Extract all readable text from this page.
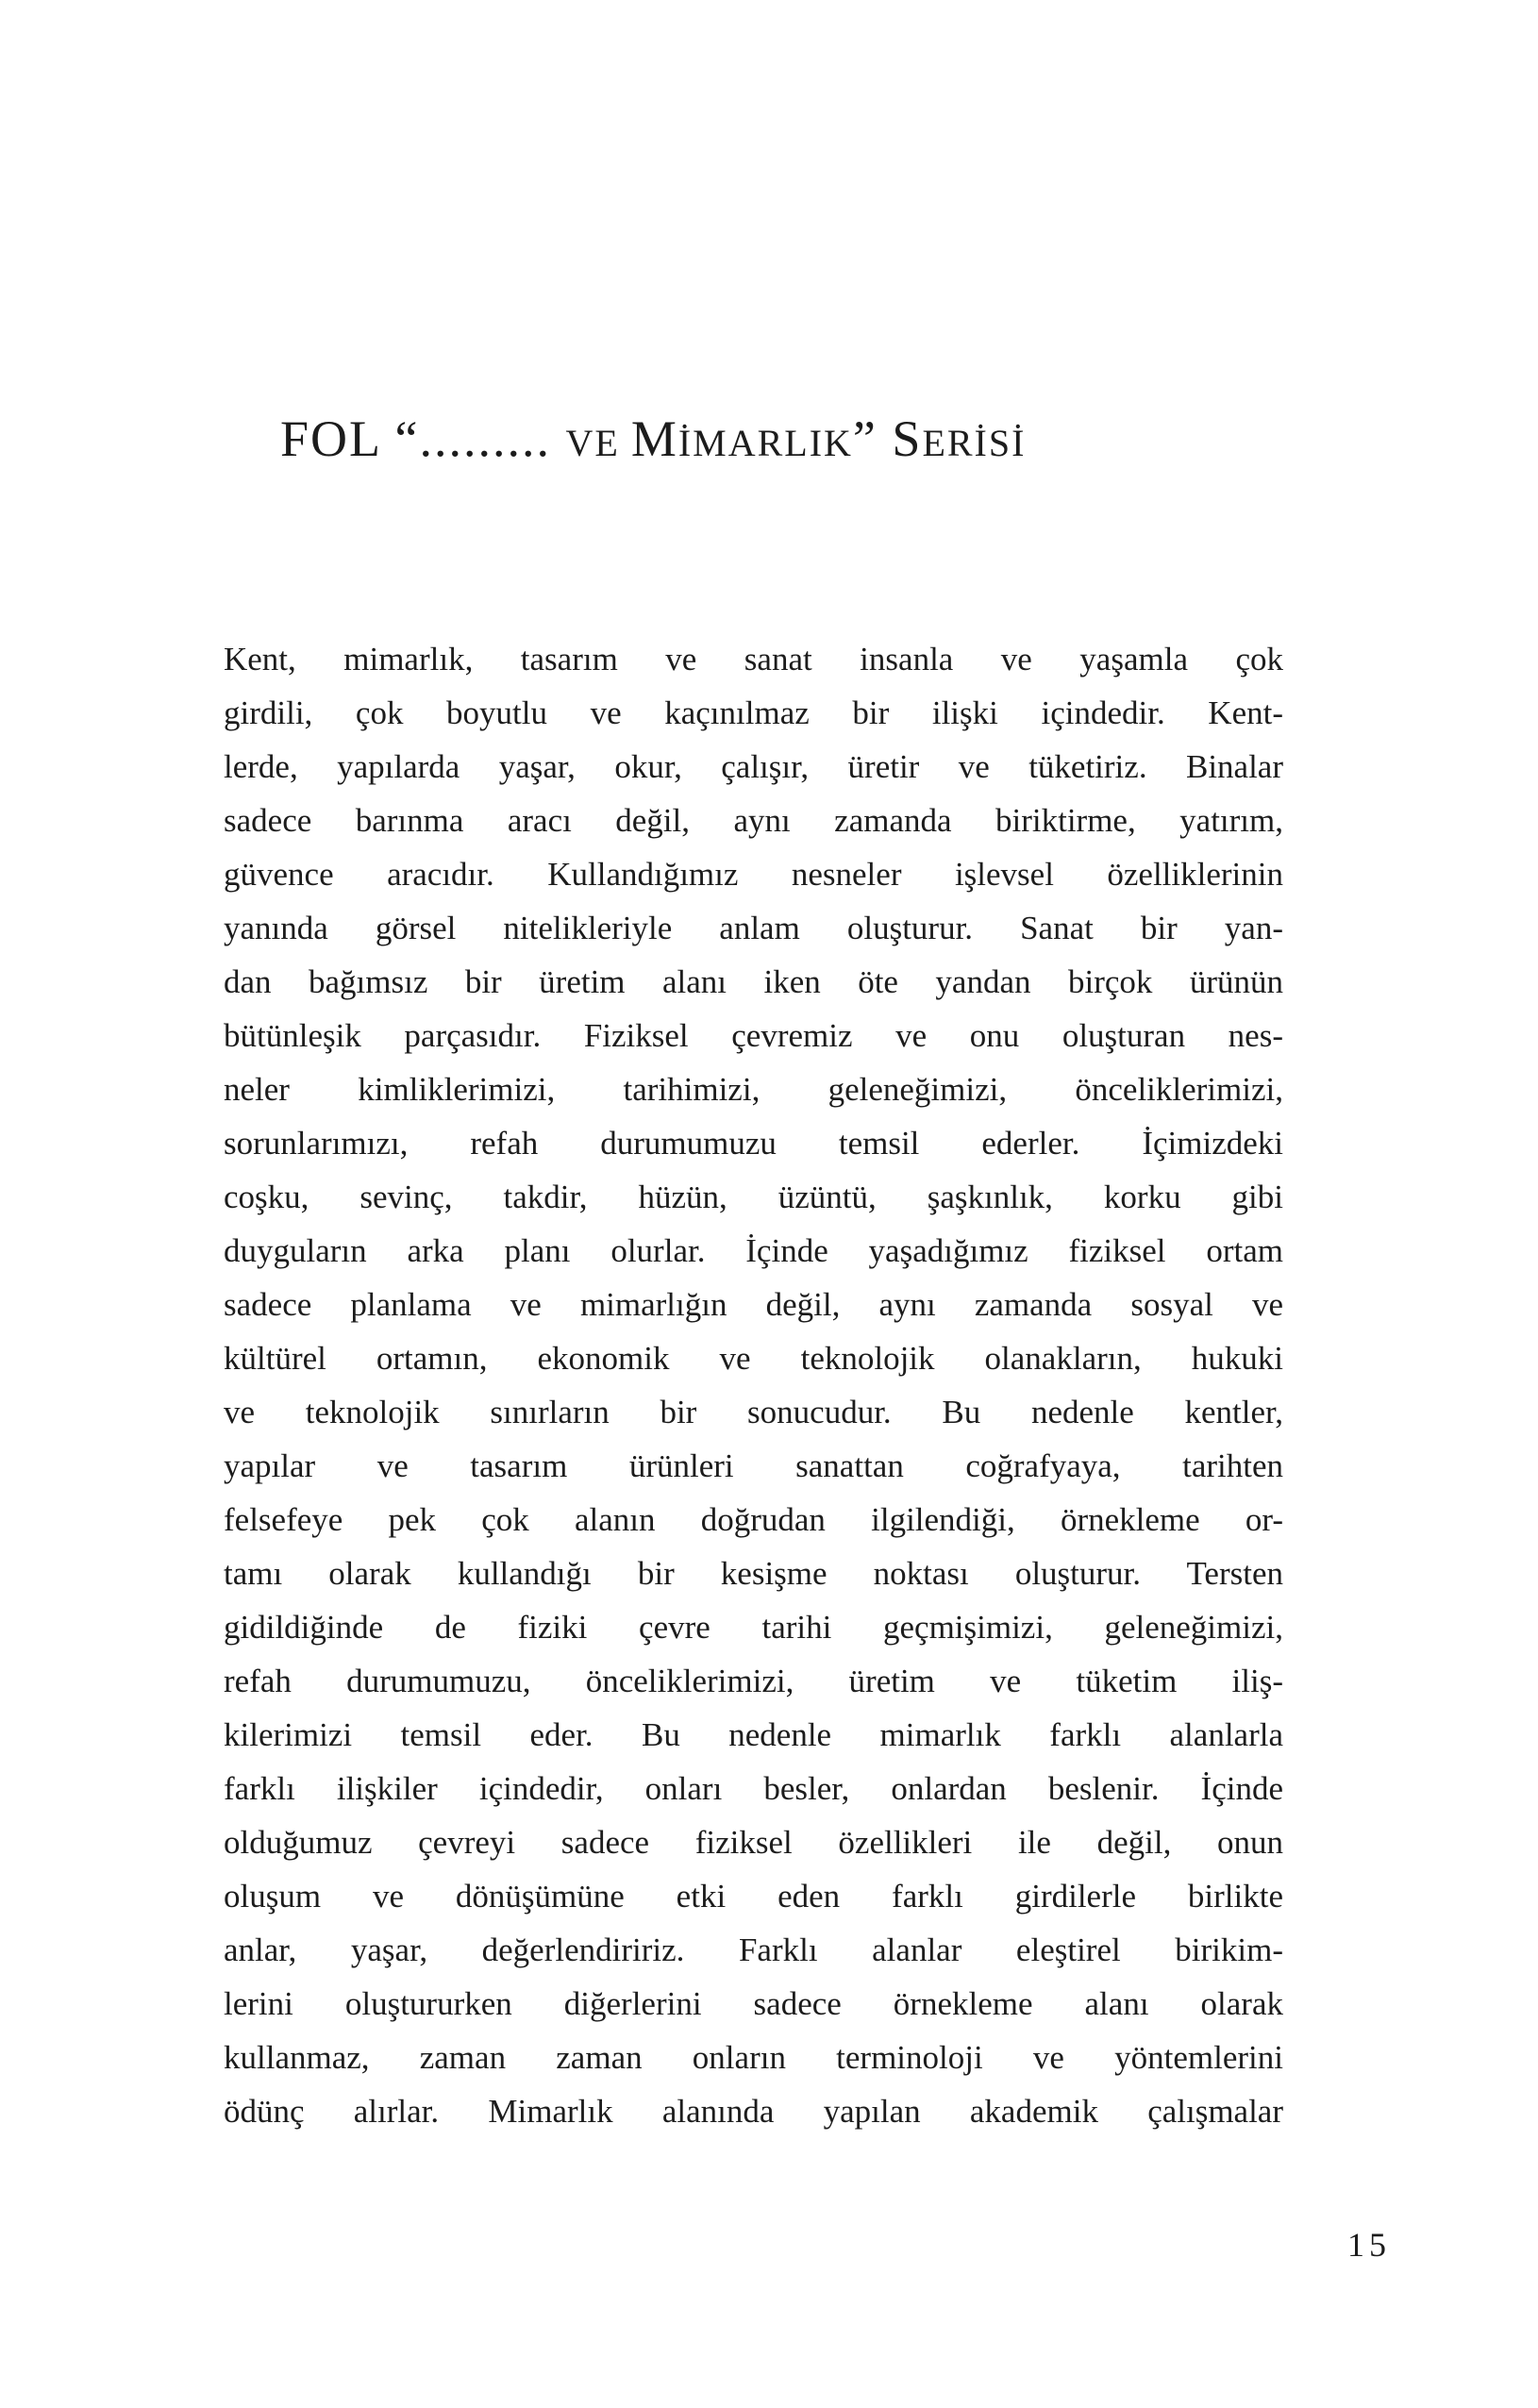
FOL “......... VE MİMARLIK” SERİSİ
Kent, mimarlık, tasarım ve sanat insanla ve yaşamla çok
girdili, çok boyutlu ve kaçınılmaz bir ilişki içindedir. Kent-
lerde, yapılarda yaşar, okur, çalışır, üretir ve tüketiriz. Binalar
sadece barınma aracı değil, aynı zamanda biriktirme, yatırım,
güvence aracıdır. Kullandığımız nesneler işlevsel özelliklerinin
yanında görsel nitelikleriyle anlam oluşturur. Sanat bir yan-
dan bağımsız bir üretim alanı iken öte yandan birçok ürünün
bütünleşik parçasıdır. Fiziksel çevremiz ve onu oluşturan nes-
neler kimliklerimizi, tarihimizi, geleneğimizi, önceliklerimizi,
sorunlarımızı, refah durumumuzu temsil ederler. İçimizdeki
coşku, sevinç, takdir, hüzün, üzüntü, şaşkınlık, korku gibi
duyguların arka planı olurlar. İçinde yaşadığımız fiziksel ortam
sadece planlama ve mimarlığın değil, aynı zamanda sosyal ve
kültürel ortamın, ekonomik ve teknolojik olanakların, hukuki
ve teknolojik sınırların bir sonucudur. Bu nedenle kentler,
yapılar ve tasarım ürünleri sanattan coğrafyaya, tarihten
felsefeye pek çok alanın doğrudan ilgilendiği, örnekleme or-
tamı olarak kullandığı bir kesişme noktası oluşturur. Tersten
gidildiğinde de fiziki çevre tarihi geçmişimizi, geleneğimizi,
refah durumumuzu, önceliklerimizi, üretim ve tüketim iliş-
kilerimizi temsil eder. Bu nedenle mimarlık farklı alanlarla
farklı ilişkiler içindedir, onları besler, onlardan beslenir. İçinde
olduğumuz çevreyi sadece fiziksel özellikleri ile değil, onun
oluşum ve dönüşümüne etki eden farklı girdilerle birlikte
anlar, yaşar, değerlendiririz. Farklı alanlar eleştirel birikim-
lerini oluştururken diğerlerini sadece örnekleme alanı olarak
kullanmaz, zaman zaman onların terminoloji ve yöntemlerini
ödünç alırlar. Mimarlık alanında yapılan akademik çalışmalar
15
